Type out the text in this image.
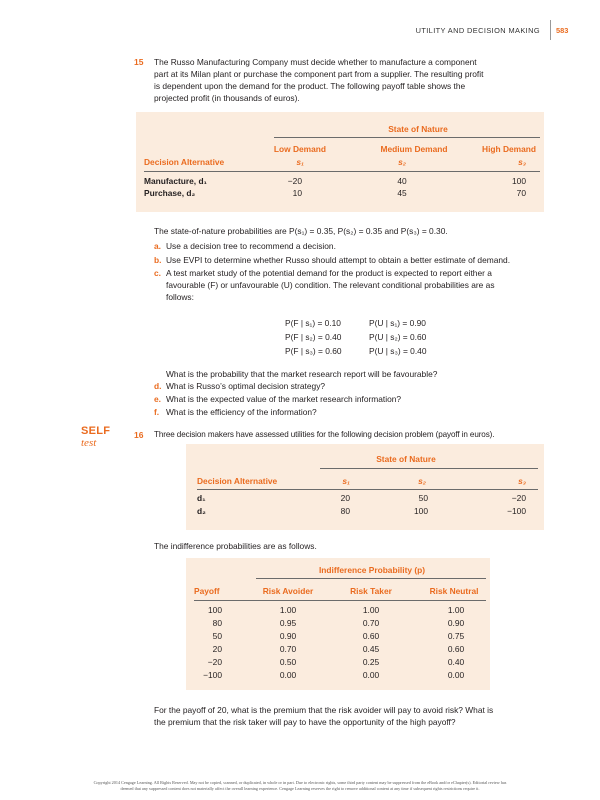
UTILITY AND DECISION MAKING 583
15 The Russo Manufacturing Company must decide whether to manufacture a component
part at its Milan plant or purchase the component part from a supplier. The resulting profit
is dependent upon the demand for the product. The following payoff table shows the
projected profit (in thousands of euros).
State of Nature
Low Demand	Medium Demand	High Demand
Decision Alternative	s₁	s₂	s₃
Manufacture, d₁	−20	40	100
Purchase, d₂	10	45	70
The state-of-nature probabilities are P(s₁) = 0.35, P(s₂) = 0.35 and P(s₃) = 0.30.
a. Use a decision tree to recommend a decision.
b. Use EVPI to determine whether Russo should attempt to obtain a better estimate of demand.
c. A test market study of the potential demand for the product is expected to report either a
favourable (F) or unfavourable (U) condition. The relevant conditional probabilities are as
follows:
P(F | s₁) = 0.10	P(U | s₁) = 0.90
P(F | s₂) = 0.40	P(U | s₂) = 0.60
P(F | s₃) = 0.60	P(U | s₃) = 0.40
What is the probability that the market research report will be favourable?
d. What is Russo’s optimal decision strategy?
e. What is the expected value of the market research information?
f. What is the efficiency of the information?
SELF
test
16 Three decision makers have assessed utilities for the following decision problem (payoff in euros).
State of Nature
Decision Alternative	s₁	s₂	s₃
d₁	20	50	−20
d₂	80	100	−100
The indifference probabilities are as follows.
Indifference Probability (p)
Payoff	Risk Avoider	Risk Taker	Risk Neutral
100	1.00	1.00	1.00
80	0.95	0.70	0.90
50	0.90	0.60	0.75
20	0.70	0.45	0.60
−20	0.50	0.25	0.40
−100	0.00	0.00	0.00
For the payoff of 20, what is the premium that the risk avoider will pay to avoid risk? What is
the premium that the risk taker will pay to have the opportunity of the high payoff?
Copyright 2014 Cengage Learning. All Rights Reserved. May not be copied, scanned, or duplicated, in whole or in part. Due to electronic rights, some third party content may be suppressed from the eBook and/or eChapter(s). Editorial review has
deemed that any suppressed content does not materially affect the overall learning experience. Cengage Learning reserves the right to remove additional content at any time if subsequent rights restrictions require it.
